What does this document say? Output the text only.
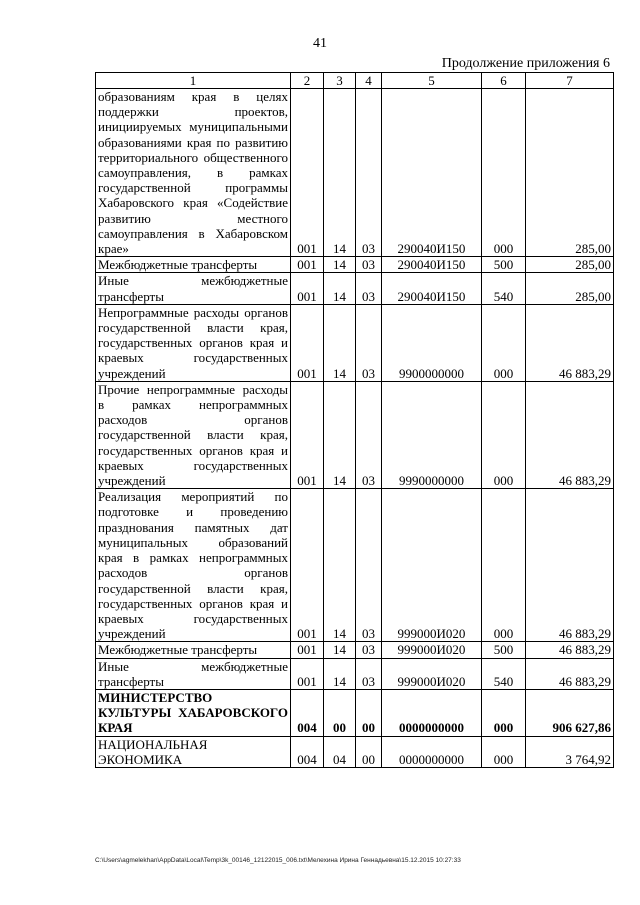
41
Продолжение приложения 6
1	2	3	4	5	6	7
образованиям края в целях поддержки проектов, инициируемых муниципальными образованиями края по развитию территориального общественного самоуправления, в рамках государственной программы Хабаровского края «Содействие развитию местного самоуправления в Хабаровском крае»	001	14	03	290040И150	000	285,00
Межбюджетные трансферты	001	14	03	290040И150	500	285,00
Иные межбюджетные трансферты	001	14	03	290040И150	540	285,00
Непрограммные расходы органов государственной власти края, государственных органов края и краевых государственных учреждений	001	14	03	9900000000	000	46 883,29
Прочие непрограммные расходы в рамках непрограммных расходов органов государственной власти края, государственных органов края и краевых государственных учреждений	001	14	03	9990000000	000	46 883,29
Реализация мероприятий по подготовке и проведению празднования памятных дат муниципальных образований края в рамках непрограммных расходов органов государственной власти края, государственных органов края и краевых государственных учреждений	001	14	03	999000И020	000	46 883,29
Межбюджетные трансферты	001	14	03	999000И020	500	46 883,29
Иные межбюджетные трансферты	001	14	03	999000И020	540	46 883,29
МИНИСТЕРСТВО КУЛЬТУРЫ ХАБАРОВСКОГО КРАЯ	004	00	00	0000000000	000	906 627,86
НАЦИОНАЛЬНАЯ ЭКОНОМИКА	004	04	00	0000000000	000	3 764,92
C:\Users\agmelekhan\AppData\Local\Temp\3k_00146_12122015_006.txt\Мелехина Ирина Геннадьевна\15.12.2015 10:27:33
